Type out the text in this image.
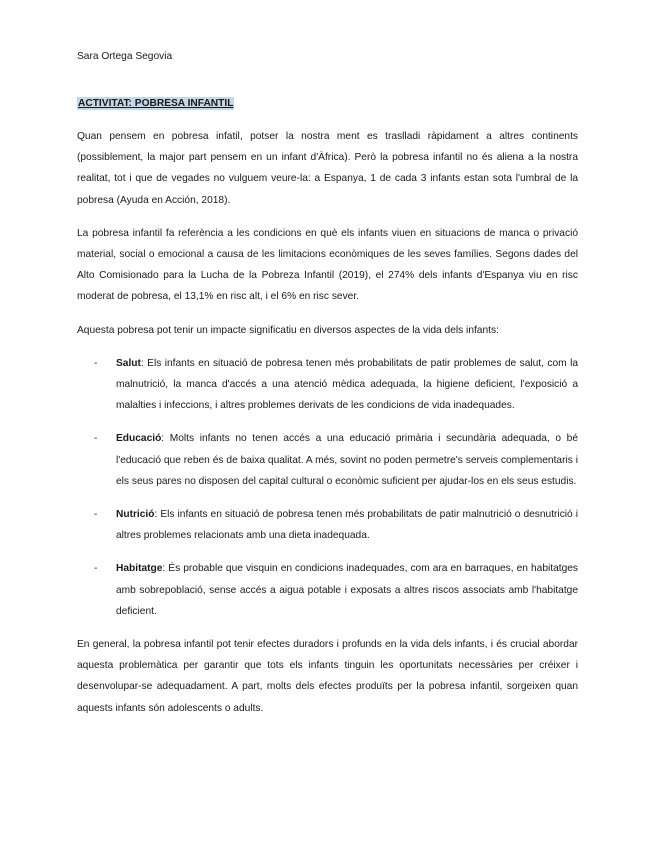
Sara Ortega Segovia
ACTIVITAT: POBRESA INFANTIL

Quan pensem en pobresa infatil, potser la nostra ment es traslladi ràpidament a altres continents (possiblement, la major part pensem en un infant d'Àfrica). Però la pobresa infantil no és aliena a la nostra realitat, tot i que de vegades no vulguem veure-la: a Espanya, 1 de cada 3 infants estan sota l'umbral de la pobresa (Ayuda en Acción, 2018).

La pobresa infantil fa referència a les condicions en què els infants viuen en situacions de manca o privació material, social o emocional a causa de les limitacions econòmiques de les seves famílies. Segons dades del Alto Comisionado para la Lucha de la Pobreza Infantil (2019), el 274% dels infants d'Espanya viu en risc moderat de pobresa, el 13,1% en risc alt, i el 6% en risc sever.

Aquesta pobresa pot tenir un impacte significatiu en diversos aspectes de la vida dels infants:

- Salut: Els infants en situació de pobresa tenen més probabilitats de patir problemes de salut, com la malnutrició, la manca d'accés a una atenció mèdica adequada, la higiene deficient, l'exposició a malalties i infeccions, i altres problemes derivats de les condicions de vida inadequades.
- Educació: Molts infants no tenen accés a una educació primària i secundària adequada, o bé l'educació que reben és de baixa qualitat. A més, sovint no poden permetre's serveis complementaris i els seus pares no disposen del capital cultural o econòmic suficient per ajudar-los en els seus estudis.
- Nutrició: Els infants en situació de pobresa tenen més probabilitats de patir malnutrició o desnutrició i altres problemes relacionats amb una dieta inadequada.
- Habitatge: És probable que visquin en condicions inadequades, com ara en barraques, en habitatges amb sobrepoblació, sense accés a aigua potable i exposats a altres riscos associats amb l'habitatge deficient.

En general, la pobresa infantil pot tenir efectes duradors i profunds en la vida dels infants, i és crucial abordar aquesta problemàtica per garantir que tots els infants tinguin les oportunitats necessàries per créixer i desenvolupar-se adequadament. A part, molts dels efectes produïts per la pobresa infantil, sorgeixen quan aquests infants són adolescents o adults.
